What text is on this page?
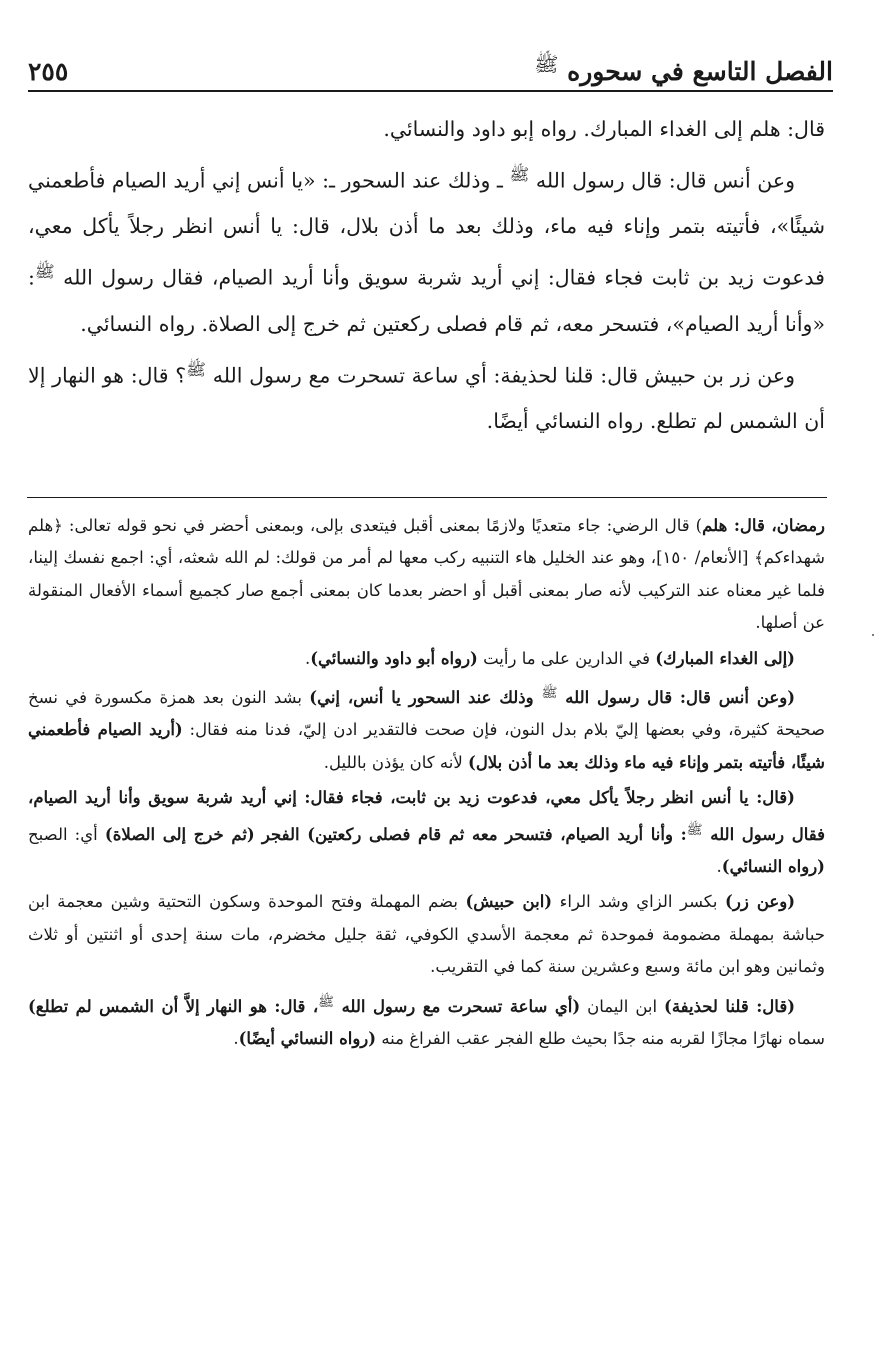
الفصل التاسع في سحوره $^ﷺ$
٢٥٥

قال: هلم إلى الغداء المبارك. رواه إبو داود والنسائي.

وعن أنس قال: قال رسول الله $^ﷺ$ ـ وذلك عند السحور ـ: «يا أنس إني أريد الصيام فأطعمني شيئًا»، فأتيته بتمر وإناء فيه ماء، وذلك بعد ما أذن بلال، قال: يا أنس انظر رجلاً يأكل معي، فدعوت زيد بن ثابت فجاء فقال: إني أريد شربة سويق وأنا أريد الصيام، فقال رسول الله $^ﷺ$: «وأنا أريد الصيام»، فتسحر معه، ثم قام فصلى ركعتين ثم خرج إلى الصلاة. رواه النسائي.

وعن زر بن حبيش قال: قلنا لحذيفة: أي ساعة تسحرت مع رسول الله $^ﷺ$؟ قال: هو النهار إلا أن الشمس لم تطلع. رواه النسائي أيضًا.

رمضان، قال: هلم) قال الرضي: جاء متعديًا ولازمًا بمعنى أقبل فيتعدى بإلى، وبمعنى أحضر في نحو قوله تعالى: ﴿هلم شهداءكم﴾ [الأنعام/ ١٥٠]، وهو عند الخليل هاء التنبيه ركب معها لم أمر من قولك: لم الله شعثه، أي: اجمع نفسك إلينا، فلما غير معناه عند التركيب لأنه صار بمعنى أقبل أو احضر بعدما كان بمعنى أجمع صار كجميع أسماء الأفعال المنقولة عن أصلها.

(إلى الغداء المبارك) في الدارين على ما رأيت (رواه أبو داود والنسائي).

(وعن أنس قال: قال رسول الله $^ﷺ$ وذلك عند السحور يا أنس، إني) بشد النون بعد همزة مكسورة في نسخ صحيحة كثيرة، وفي بعضها إليّ بلام بدل النون، فإن صحت فالتقدير ادن إليّ، فدنا منه فقال: (أريد الصيام فأطعمني شيئًا، فأتيته بتمر وإناء فيه ماء وذلك بعد ما أذن بلال) لأنه كان يؤذن بالليل.

(قال: يا أنس انظر رجلاً يأكل معي، فدعوت زيد بن ثابت، فجاء فقال: إني أريد شربة سويق وأنا أريد الصيام، فقال رسول الله $^ﷺ$: وأنا أريد الصيام، فتسحر معه ثم قام فصلى ركعتين) الفجر (ثم خرج إلى الصلاة) أي: الصبح (رواه النسائي).

(وعن زر) بكسر الزاي وشد الراء (ابن حبيش) بضم المهملة وفتح الموحدة وسكون التحتية وشين معجمة ابن حباشة بمهملة مضمومة فموحدة ثم معجمة الأسدي الكوفي، ثقة جليل مخضرم، مات سنة إحدى أو اثنتين أو ثلاث وثمانين وهو ابن مائة وسبع وعشرين سنة كما في التقريب.

(قال: قلنا لحذيفة) ابن اليمان (أي ساعة تسحرت مع رسول الله $^ﷺ$، قال: هو النهار إلاَّ أن الشمس لم تطلع) سماه نهارًا مجازًا لقربه منه جدًا بحيث طلع الفجر عقب الفراغ منه (رواه النسائي أيضًا).
